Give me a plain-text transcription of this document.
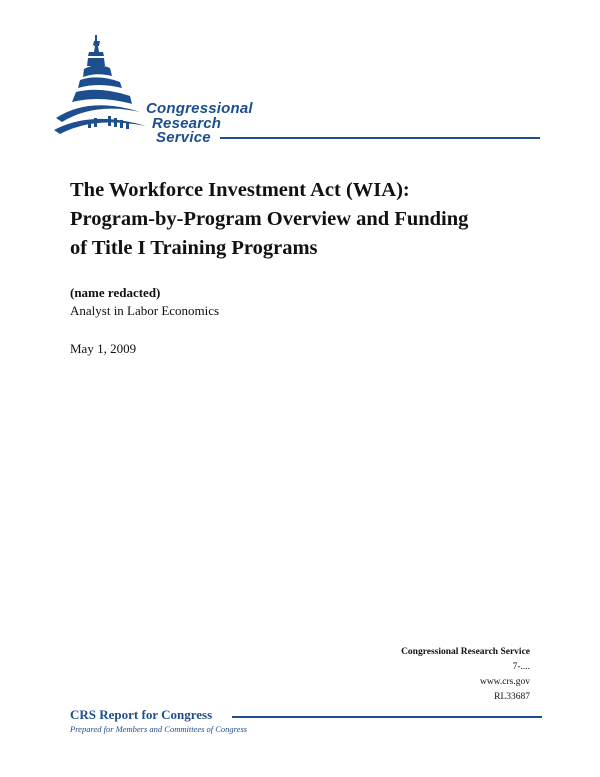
Congressional
Research
Service
The Workforce Investment Act (WIA):
Program-by-Program Overview and Funding
of Title I Training Programs
(name redacted)
Analyst in Labor Economics
May 1, 2009
Congressional Research Service
7-....
www.crs.gov
RL33687
CRS Report for Congress
Prepared for Members and Committees of Congress
